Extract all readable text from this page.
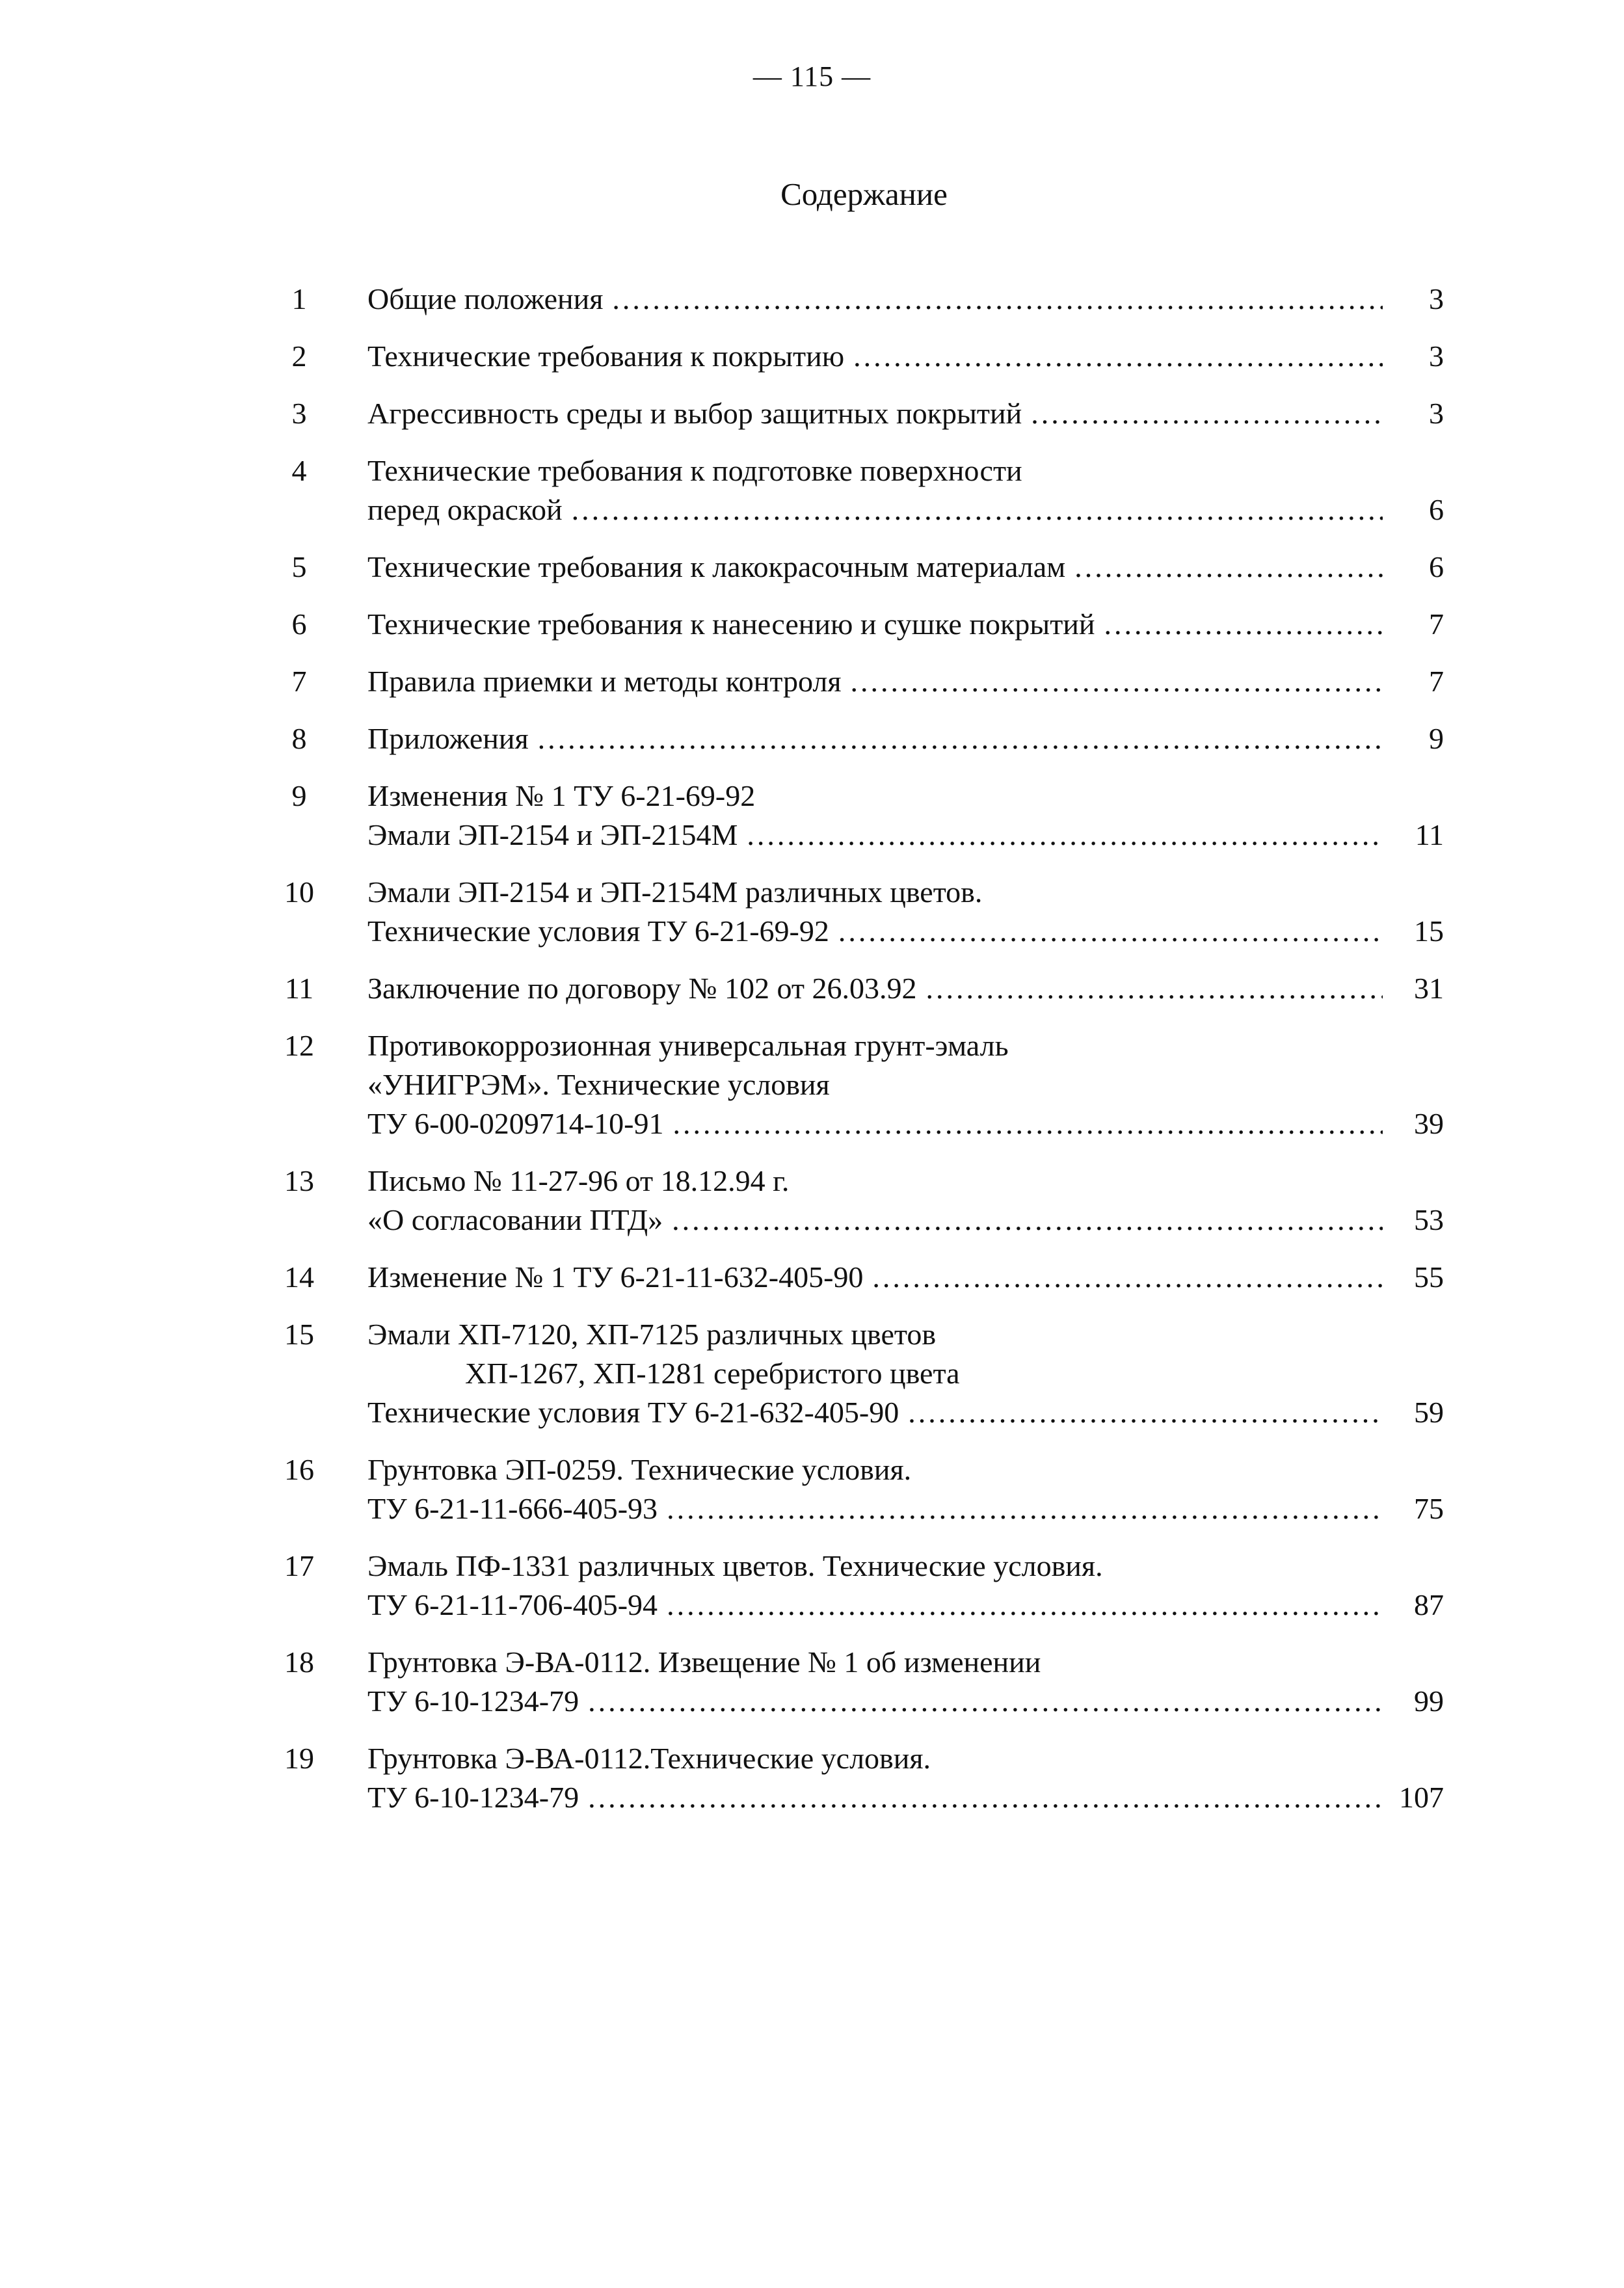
— 115 —
Содержание
1	Общие положения .....	3
2	Технические требования к покрытию .....	3
3	Агрессивность среды и выбор защитных покрытий .....	3
4	Технические требования к подготовке поверхности
перед окраской .....	6
5	Технические требования к лакокрасочным материалам .....	6
6	Технические требования к нанесению и сушке покрытий .....	7
7	Правила приемки и методы контроля .....	7
8	Приложения .....	9
9	Изменения № 1 ТУ 6-21-69-92
Эмали ЭП-2154 и ЭП-2154М .....	11
10	Эмали ЭП-2154 и ЭП-2154М различных цветов.
Технические условия ТУ 6-21-69-92 .....	15
11	Заключение по договору № 102 от 26.03.92 .....	31
12	Противокоррозионная универсальная грунт-эмаль
«УНИГРЭМ». Технические условия
ТУ 6-00-0209714-10-91 .....	39
13	Письмо № 11-27-96 от 18.12.94 г.
«О согласовании ПТД» .....	53
14	Изменение № 1 ТУ 6-21-11-632-405-90 .....	55
15	Эмали ХП-7120, ХП-7125 различных цветов
ХП-1267, ХП-1281 серебристого цвета
Технические условия ТУ 6-21-632-405-90 .....	59
16	Грунтовка ЭП-0259. Технические условия.
ТУ 6-21-11-666-405-93 .....	75
17	Эмаль ПФ-1331 различных цветов. Технические условия.
ТУ 6-21-11-706-405-94 .....	87
18	Грунтовка Э-ВА-0112. Извещение № 1 об изменении
ТУ 6-10-1234-79 .....	99
19	Грунтовка Э-ВА-0112.Технические условия.
ТУ 6-10-1234-79 .....	107
